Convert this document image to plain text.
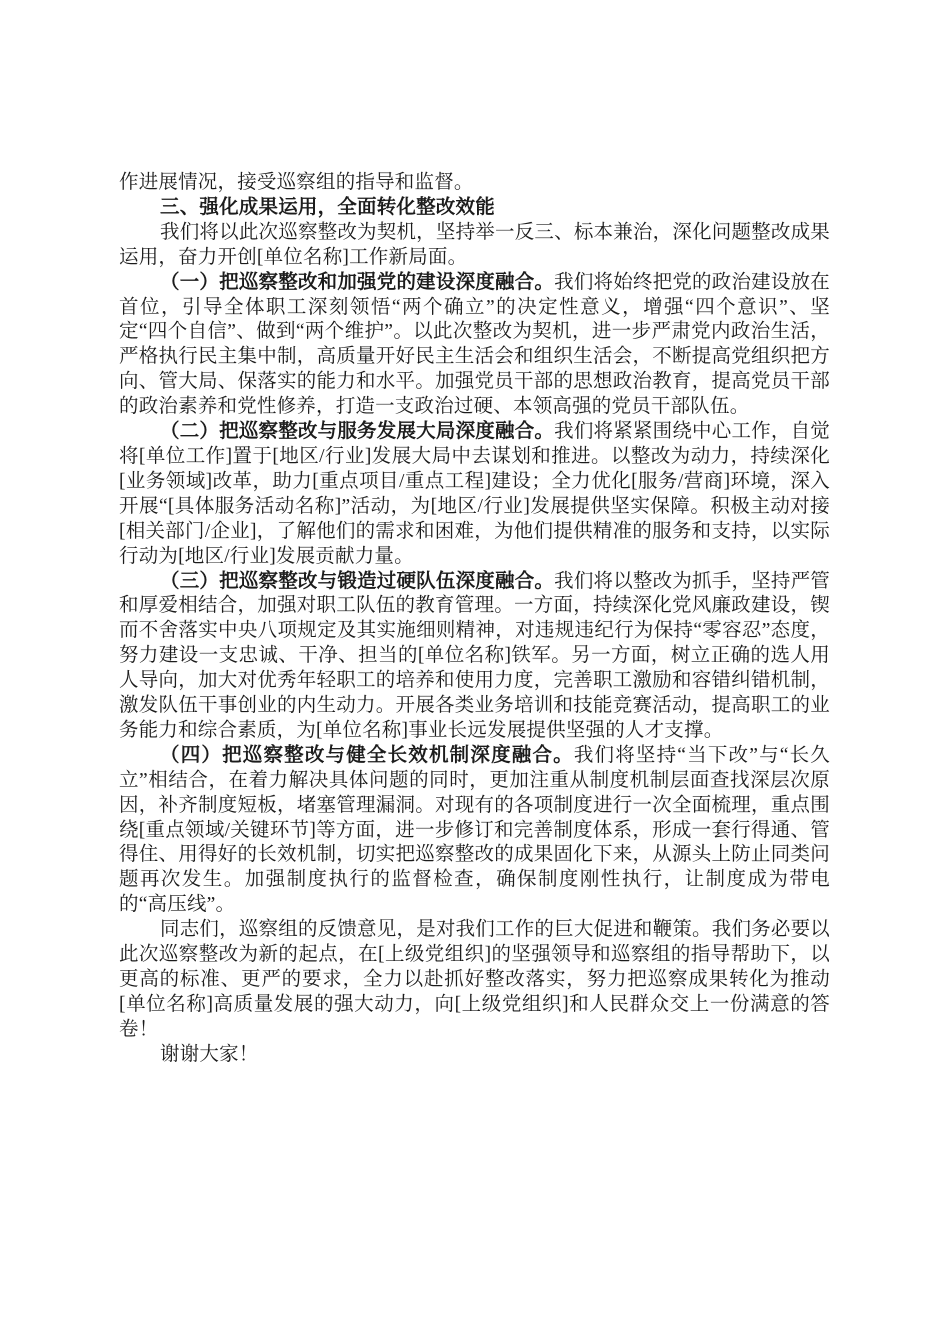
作进展情况，接受巡察组的指导和监督。

三、强化成果运用，全面转化整改效能

我们将以此次巡察整改为契机，坚持举一反三、标本兼治，深化问题整改成果运用，奋力开创[单位名称]工作新局面。

（一）把巡察整改和加强党的建设深度融合。我们将始终把党的政治建设放在首位，引导全体职工深刻领悟“两个确立”的决定性意义，增强“四个意识”、坚定“四个自信”、做到“两个维护”。以此次整改为契机，进一步严肃党内政治生活，严格执行民主集中制，高质量开好民主生活会和组织生活会，不断提高党组织把方向、管大局、保落实的能力和水平。加强党员干部的思想政治教育，提高党员干部的政治素养和党性修养，打造一支政治过硬、本领高强的党员干部队伍。

（二）把巡察整改与服务发展大局深度融合。我们将紧紧围绕中心工作，自觉将[单位工作]置于[地区/行业]发展大局中去谋划和推进。以整改为动力，持续深化[业务领域]改革，助力[重点项目/重点工程]建设；全力优化[服务/营商]环境，深入开展“[具体服务活动名称]”活动，为[地区/行业]发展提供坚实保障。积极主动对接[相关部门/企业]，了解他们的需求和困难，为他们提供精准的服务和支持，以实际行动为[地区/行业]发展贡献力量。

（三）把巡察整改与锻造过硬队伍深度融合。我们将以整改为抓手，坚持严管和厚爱相结合，加强对职工队伍的教育管理。一方面，持续深化党风廉政建设，锲而不舍落实中央八项规定及其实施细则精神，对违规违纪行为保持“零容忍”态度，努力建设一支忠诚、干净、担当的[单位名称]铁军。另一方面，树立正确的选人用人导向，加大对优秀年轻职工的培养和使用力度，完善职工激励和容错纠错机制，激发队伍干事创业的内生动力。开展各类业务培训和技能竞赛活动，提高职工的业务能力和综合素质，为[单位名称]事业长远发展提供坚强的人才支撑。

（四）把巡察整改与健全长效机制深度融合。我们将坚持“当下改”与“长久立”相结合，在着力解决具体问题的同时，更加注重从制度机制层面查找深层次原因，补齐制度短板，堵塞管理漏洞。对现有的各项制度进行一次全面梳理，重点围绕[重点领域/关键环节]等方面，进一步修订和完善制度体系，形成一套行得通、管得住、用得好的长效机制，切实把巡察整改的成果固化下来，从源头上防止同类问题再次发生。加强制度执行的监督检查，确保制度刚性执行，让制度成为带电的“高压线”。

同志们，巡察组的反馈意见，是对我们工作的巨大促进和鞭策。我们务必要以此次巡察整改为新的起点，在[上级党组织]的坚强领导和巡察组的指导帮助下，以更高的标准、更严的要求，全力以赴抓好整改落实，努力把巡察成果转化为推动[单位名称]高质量发展的强大动力，向[上级党组织]和人民群众交上一份满意的答卷！

谢谢大家！
